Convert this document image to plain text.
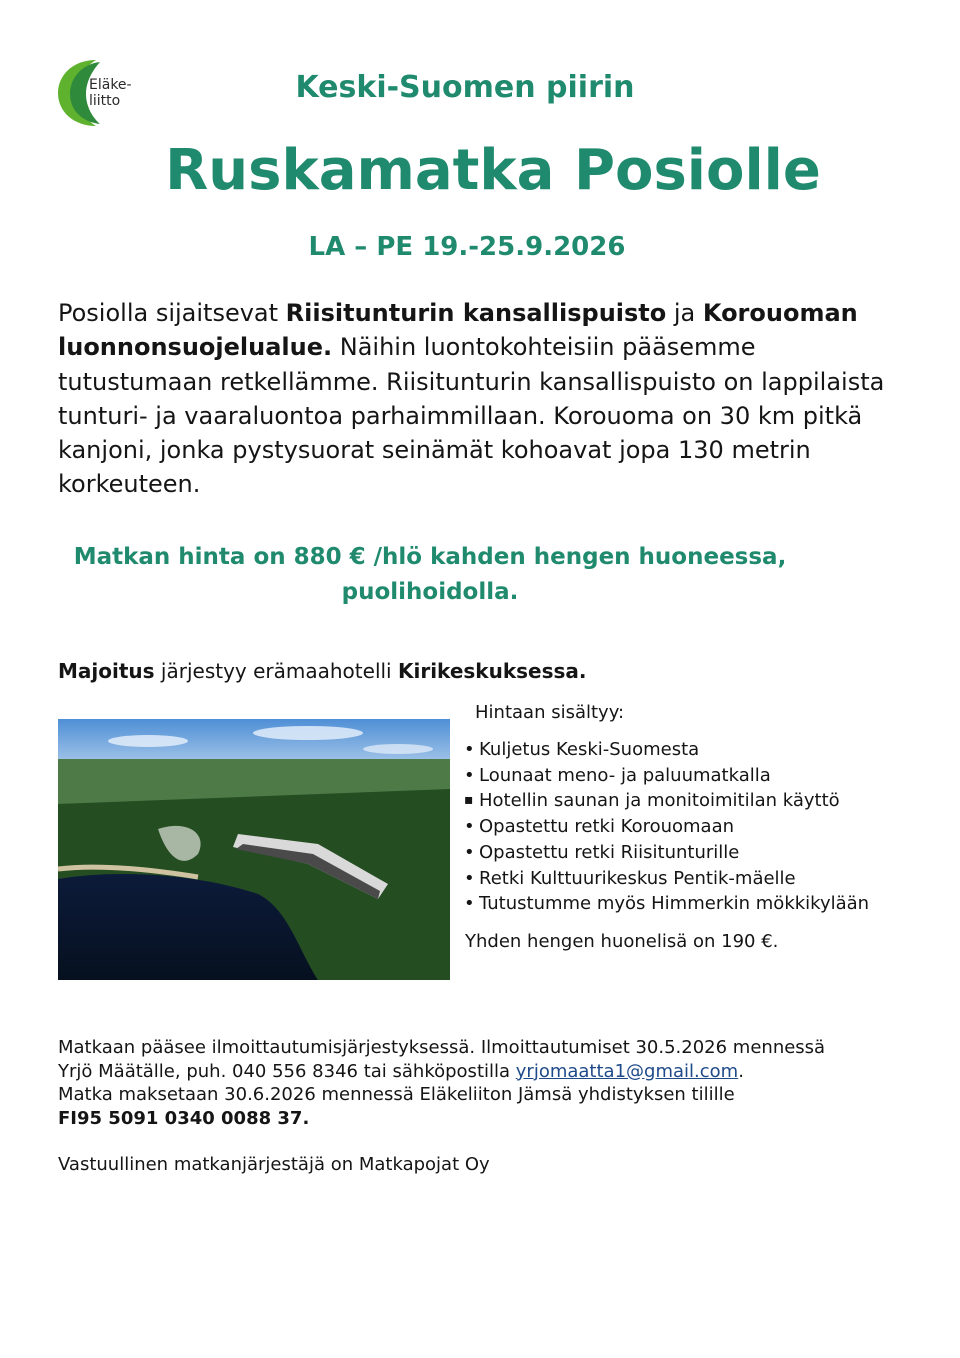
Eläke-
liitto	Keski-Suomen piirin
Ruskamatka Posiolle
LA – PE 19.-25.9.2026
Posiolla sijaitsevat Riisitunturin kansallispuisto ja Korouoman luonnonsuojelualue. Näihin luontokohteisiin pääsemme tutustumaan retkellämme. Riisitunturin kansallispuisto on lappilaista tunturi- ja vaaraluontoa parhaimmillaan. Korouoma on 30 km pitkä kanjoni, jonka pystysuorat seinämät kohoavat jopa 130 metrin korkeuteen.
Matkan hinta on 880 € /hlö kahden hengen huoneessa,
puolihoidolla.
Majoitus järjestyy erämaahotelli Kirikeskuksessa.
Hintaan sisältyy:
• Kuljetus Keski-Suomesta
• Lounaat meno- ja paluumatkalla
▪ Hotellin saunan ja monitoimitilan käyttö
• Opastettu retki Korouomaan
• Opastettu retki Riisitunturille
• Retki Kulttuurikeskus Pentik-mäelle
• Tutustumme myös Himmerkin mökkikylään
Yhden hengen huonelisä on 190 €.
Matkaan pääsee ilmoittautumisjärjestyksessä. Ilmoittautumiset 30.5.2026 mennessä
Yrjö Määtälle, puh. 040 556 8346 tai sähköpostilla yrjomaatta1@gmail.com.
Matka maksetaan 30.6.2026 mennessä Eläkeliiton Jämsä yhdistyksen tilille
FI95 5091 0340 0088 37.
Vastuullinen matkanjärjestäjä on Matkapojat Oy
